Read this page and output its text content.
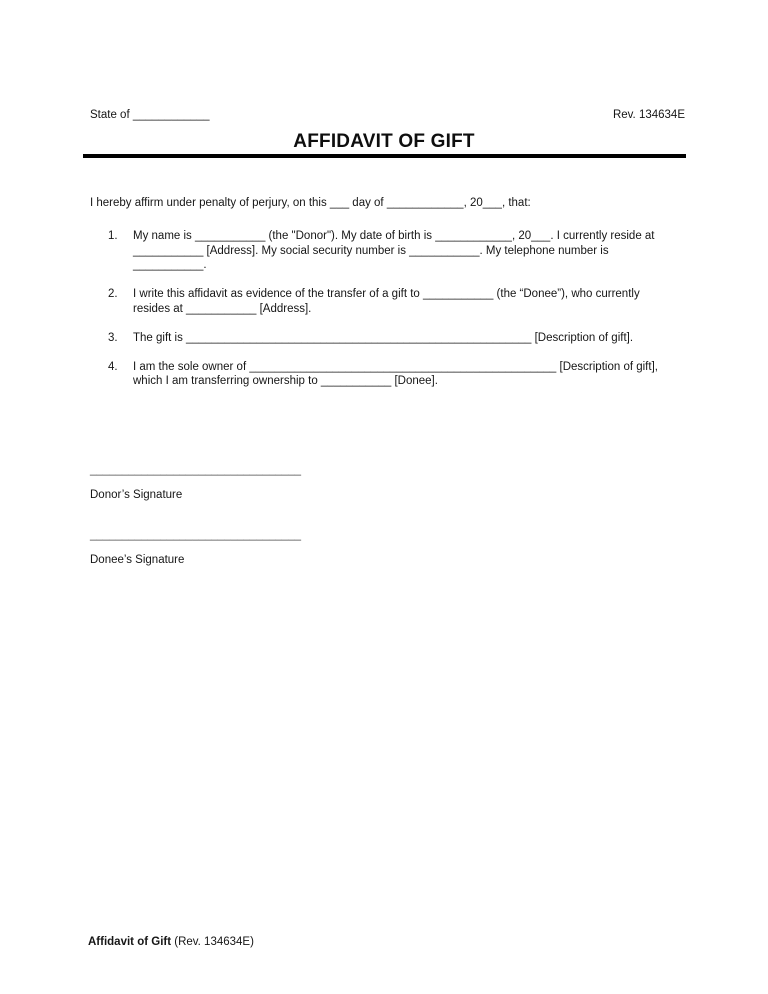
State of ____________	Rev. 134634E
AFFIDAVIT OF GIFT

I hereby affirm under penalty of perjury, on this ___ day of ____________, 20___, that:

1.	My name is ___________ (the "Donor"). My date of birth is ____________, 20___. I currently reside at ___________ [Address]. My social security number is ___________. My telephone number is ___________.
2.	I write this affidavit as evidence of the transfer of a gift to ___________ (the “Donee”), who currently resides at ___________ [Address].
3.	The gift is ______________________________________________________ [Description of gift].
4.	I am the sole owner of ________________________________________________ [Description of gift], which I am transferring ownership to ___________ [Donee].
_________________________________
Donor’s Signature
_________________________________
Donee’s Signature
Affidavit of Gift (Rev. 134634E)
